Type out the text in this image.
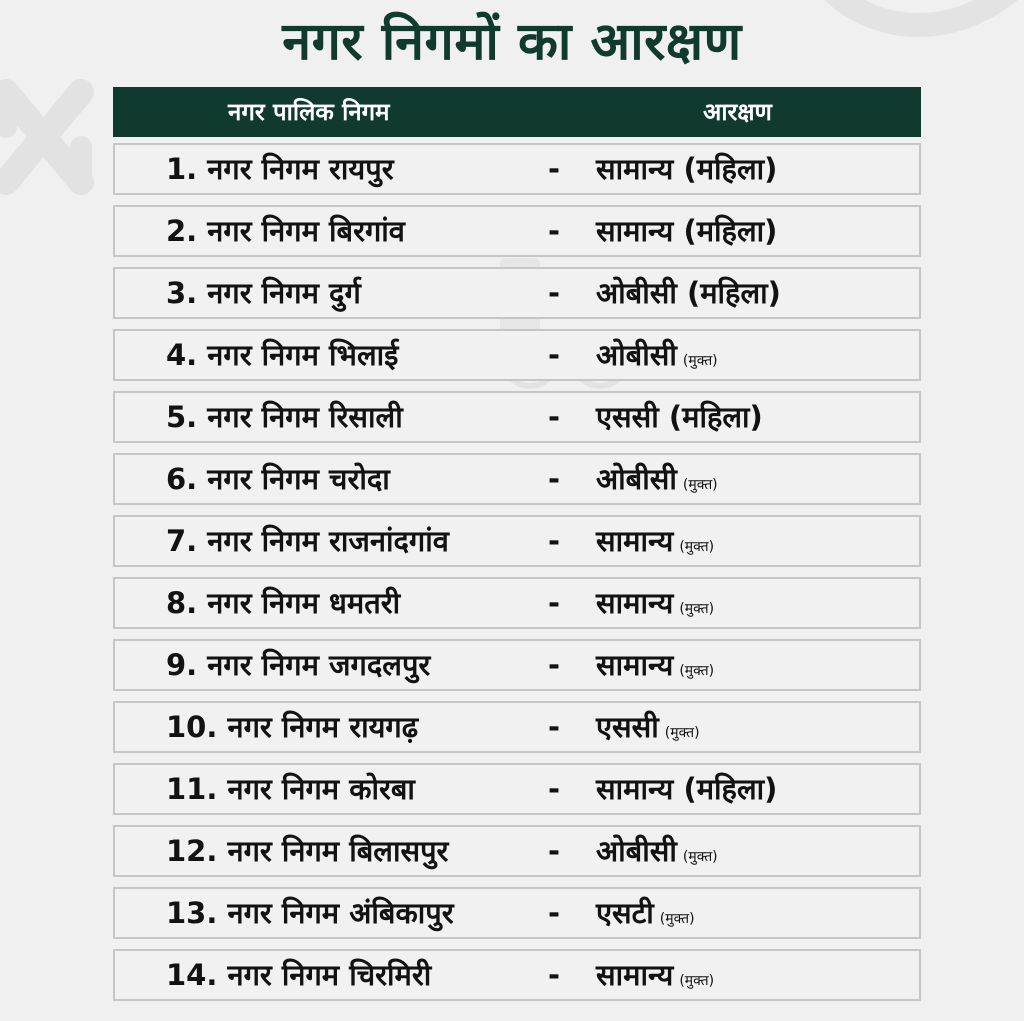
नगर निगमों का आरक्षण
नगर पालिक निगम	आरक्षण
1. नगर निगम रायपुर	- सामान्य (महिला)
2. नगर निगम बिरगांव	- सामान्य (महिला)
3. नगर निगम दुर्ग	- ओबीसी (महिला)
4. नगर निगम भिलाई	- ओबीसी (मुक्त)
5. नगर निगम रिसाली	- एससी (महिला)
6. नगर निगम चरोदा	- ओबीसी (मुक्त)
7. नगर निगम राजनांदगांव	- सामान्य (मुक्त)
8. नगर निगम धमतरी	- सामान्य (मुक्त)
9. नगर निगम जगदलपुर	- सामान्य (मुक्त)
10. नगर निगम रायगढ़	- एससी (मुक्त)
11. नगर निगम कोरबा	- सामान्य (महिला)
12. नगर निगम बिलासपुर	- ओबीसी (मुक्त)
13. नगर निगम अंबिकापुर	- एसटी (मुक्त)
14. नगर निगम चिरमिरी	- सामान्य (मुक्त)
